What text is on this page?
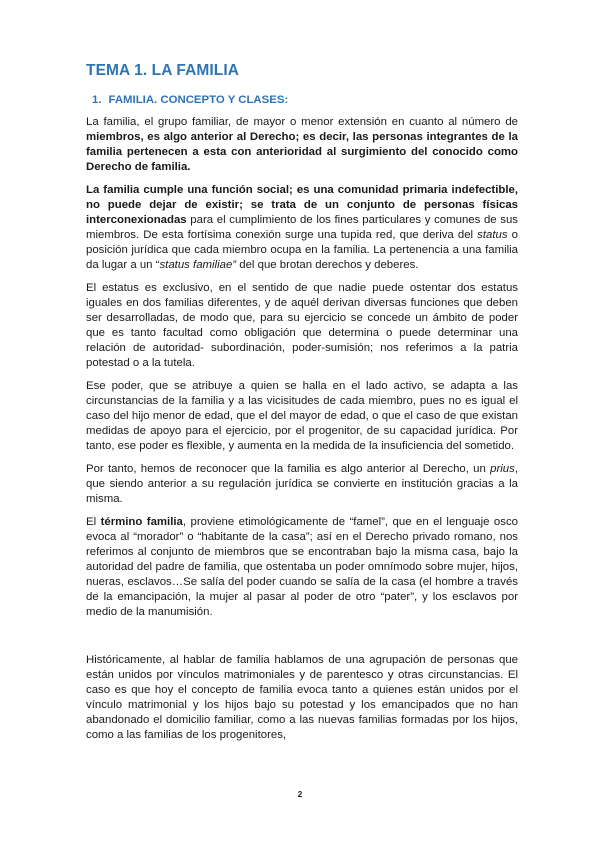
TEMA 1. LA FAMILIA
1. FAMILIA. CONCEPTO Y CLASES:

La familia, el grupo familiar, de mayor o menor extensión en cuanto al número de miembros, es algo anterior al Derecho; es decir, las personas integrantes de la familia pertenecen a esta con anterioridad al surgimiento del conocido como Derecho de familia.

La familia cumple una función social; es una comunidad primaria indefectible, no puede dejar de existir; se trata de un conjunto de personas físicas interconexionadas para el cumplimiento de los fines particulares y comunes de sus miembros. De esta fortísima conexión surge una tupida red, que deriva del status o posición jurídica que cada miembro ocupa en la familia. La pertenencia a una familia da lugar a un “status familiae” del que brotan derechos y deberes.

El estatus es exclusivo, en el sentido de que nadie puede ostentar dos estatus iguales en dos familias diferentes, y de aquél derivan diversas funciones que deben ser desarrolladas, de modo que, para su ejercicio se concede un ámbito de poder que es tanto facultad como obligación que determina o puede determinar una relación de autoridad- subordinación, poder-sumisión; nos referimos a la patria potestad o a la tutela.

Ese poder, que se atribuye a quien se halla en el lado activo, se adapta a las circunstancias de la familia y a las vicisitudes de cada miembro, pues no es igual el caso del hijo menor de edad, que el del mayor de edad, o que el caso de que existan medidas de apoyo para el ejercicio, por el progenitor, de su capacidad jurídica. Por tanto, ese poder es flexible, y aumenta en la medida de la insuficiencia del sometido.

Por tanto, hemos de reconocer que la familia es algo anterior al Derecho, un prius, que siendo anterior a su regulación jurídica se convierte en institución gracias a la misma.

El término familia, proviene etimológicamente de “famel”, que en el lenguaje osco evoca al “morador” o “habitante de la casa”; así en el Derecho privado romano, nos referimos al conjunto de miembros que se encontraban bajo la misma casa, bajo la autoridad del padre de familia, que ostentaba un poder omnímodo sobre mujer, hijos, nueras, esclavos…Se salía del poder cuando se salía de la casa (el hombre a través de la emancipación, la mujer al pasar al poder de otro “pater”, y los esclavos por medio de la manumisión.

Históricamente, al hablar de familia hablamos de una agrupación de personas que están unidos por vínculos matrimoniales y de parentesco y otras circunstancias. El caso es que hoy el concepto de familia evoca tanto a quienes están unidos por el vínculo matrimonial y los hijos bajo su potestad y los emancipados que no han abandonado el domicilio familiar, como a las nuevas familias formadas por los hijos, como a las familias de los progenitores,

2
